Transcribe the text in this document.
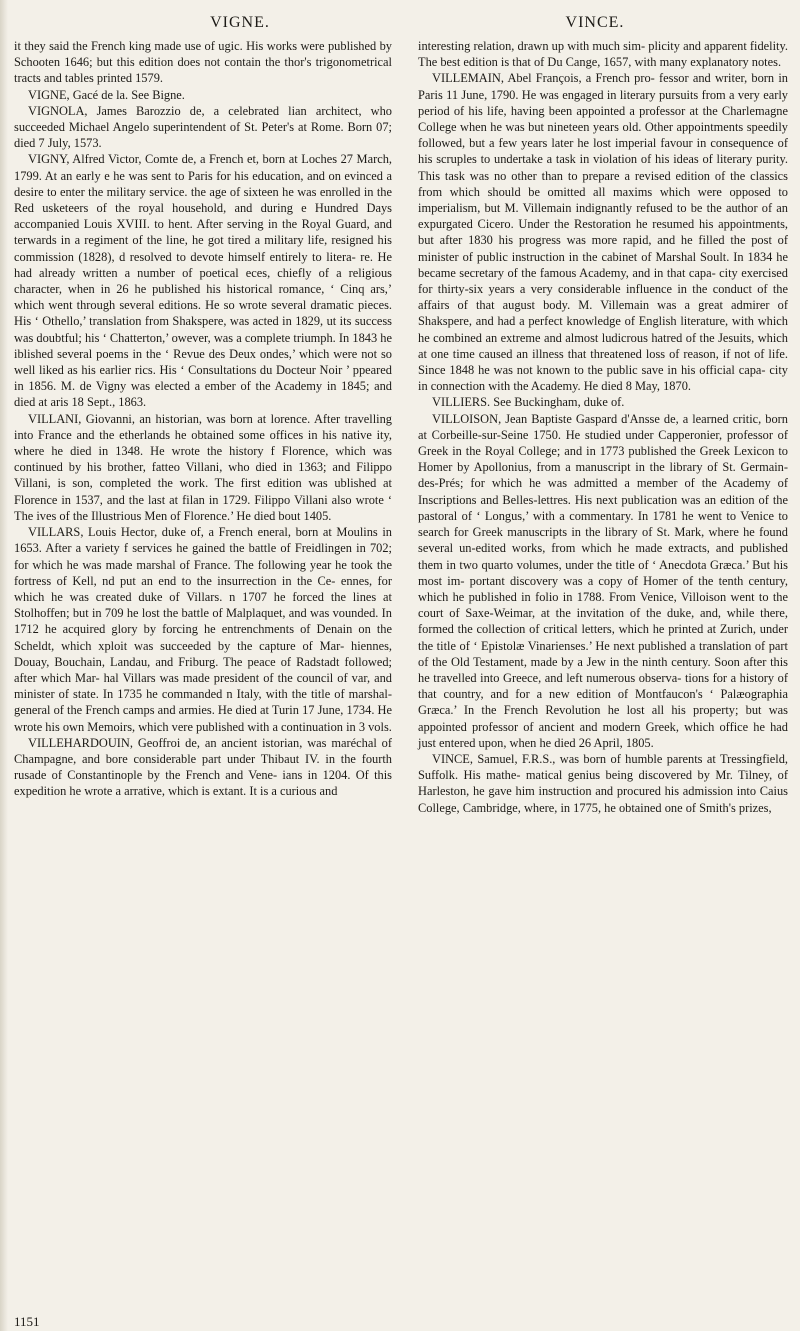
VIGNE.	VINCE.

it they said the French king made use of ugic. His works were published by Schooten 1646; but this edition does not contain the thor's trigonometrical tracts and tables printed 1579.

VIGNE, Gacé de la. See Bigne.

VIGNOLA, James Barozzio de, a celebrated lian architect, who succeeded Michael Angelo superintendent of St. Peter's at Rome. Born 07; died 7 July, 1573.

VIGNY, Alfred Victor, Comte de, a French et, born at Loches 27 March, 1799. At an early e he was sent to Paris for his education, and on evinced a desire to enter the military service. the age of sixteen he was enrolled in the Red usketeers of the royal household, and during e Hundred Days accompanied Louis XVIII. to hent. After serving in the Royal Guard, and terwards in a regiment of the line, he got tired a military life, resigned his commission (1828), d resolved to devote himself entirely to litera- re. He had already written a number of poetical eces, chiefly of a religious character, when in 26 he published his historical romance, ‘ Cinq ars,’ which went through several editions. He so wrote several dramatic pieces. His ‘ Othello,’ translation from Shakspere, was acted in 1829, ut its success was doubtful; his ‘ Chatterton,’ owever, was a complete triumph. In 1843 he iblished several poems in the ‘ Revue des Deux ondes,’ which were not so well liked as his earlier rics. His ‘ Consultations du Docteur Noir ’ ppeared in 1856. M. de Vigny was elected a ember of the Academy in 1845; and died at aris 18 Sept., 1863.

VILLANI, Giovanni, an historian, was born at lorence. After travelling into France and the etherlands he obtained some offices in his native ity, where he died in 1348. He wrote the history f Florence, which was continued by his brother, fatteo Villani, who died in 1363; and Filippo Villani, is son, completed the work. The first edition was ublished at Florence in 1537, and the last at filan in 1729. Filippo Villani also wrote ‘ The ives of the Illustrious Men of Florence.’ He died bout 1405.

VILLARS, Louis Hector, duke of, a French eneral, born at Moulins in 1653. After a variety f services he gained the battle of Freidlingen in 702; for which he was made marshal of France. The following year he took the fortress of Kell, nd put an end to the insurrection in the Ce- ennes, for which he was created duke of Villars. n 1707 he forced the lines at Stolhoffen; but in 709 he lost the battle of Malplaquet, and was vounded. In 1712 he acquired glory by forcing he entrenchments of Denain on the Scheldt, which xploit was succeeded by the capture of Mar- hiennes, Douay, Bouchain, Landau, and Friburg. The peace of Radstadt followed; after which Mar- hal Villars was made president of the council of var, and minister of state. In 1735 he commanded n Italy, with the title of marshal-general of the French camps and armies. He died at Turin 17 June, 1734. He wrote his own Memoirs, which vere published with a continuation in 3 vols.

VILLEHARDOUIN, Geoffroi de, an ancient istorian, was maréchal of Champagne, and bore considerable part under Thibaut IV. in the fourth rusade of Constantinople by the French and Vene- ians in 1204. Of this expedition he wrote a arrative, which is extant. It is a curious and

interesting relation, drawn up with much sim- plicity and apparent fidelity. The best edition is that of Du Cange, 1657, with many explanatory notes.

VILLEMAIN, Abel François, a French pro- fessor and writer, born in Paris 11 June, 1790. He was engaged in literary pursuits from a very early period of his life, having been appointed a professor at the Charlemagne College when he was but nineteen years old. Other appointments speedily followed, but a few years later he lost imperial favour in consequence of his scruples to undertake a task in violation of his ideas of literary purity. This task was no other than to prepare a revised edition of the classics from which should be omitted all maxims which were opposed to imperialism, but M. Villemain indignantly refused to be the author of an expurgated Cicero. Under the Restoration he resumed his appointments, but after 1830 his progress was more rapid, and he filled the post of minister of public instruction in the cabinet of Marshal Soult. In 1834 he became secretary of the famous Academy, and in that capa- city exercised for thirty-six years a very considerable influence in the conduct of the affairs of that august body. M. Villemain was a great admirer of Shakspere, and had a perfect knowledge of English literature, with which he combined an extreme and almost ludicrous hatred of the Jesuits, which at one time caused an illness that threatened loss of reason, if not of life. Since 1848 he was not known to the public save in his official capa- city in connection with the Academy. He died 8 May, 1870.

VILLIERS. See Buckingham, duke of.

VILLOISON, Jean Baptiste Gaspard d'Ansse de, a learned critic, born at Corbeille-sur-Seine 1750. He studied under Capperonier, professor of Greek in the Royal College; and in 1773 published the Greek Lexicon to Homer by Apollonius, from a manuscript in the library of St. Germain-des-Prés; for which he was admitted a member of the Academy of Inscriptions and Belles-lettres. His next publication was an edition of the pastoral of ‘ Longus,’ with a commentary. In 1781 he went to Venice to search for Greek manuscripts in the library of St. Mark, where he found several un-edited works, from which he made extracts, and published them in two quarto volumes, under the title of ‘ Anecdota Græca.’ But his most im- portant discovery was a copy of Homer of the tenth century, which he published in folio in 1788. From Venice, Villoison went to the court of Saxe-Weimar, at the invitation of the duke, and, while there, formed the collection of critical letters, which he printed at Zurich, under the title of ‘ Epistolæ Vinarienses.’ He next published a translation of part of the Old Testament, made by a Jew in the ninth century. Soon after this he travelled into Greece, and left numerous observa- tions for a history of that country, and for a new edition of Montfaucon's ‘ Palæographia Græca.’ In the French Revolution he lost all his property; but was appointed professor of ancient and modern Greek, which office he had just entered upon, when he died 26 April, 1805.

VINCE, Samuel, F.R.S., was born of humble parents at Tressingfield, Suffolk. His mathe- matical genius being discovered by Mr. Tilney, of Harleston, he gave him instruction and procured his admission into Caius College, Cambridge, where, in 1775, he obtained one of Smith's prizes,

1151
